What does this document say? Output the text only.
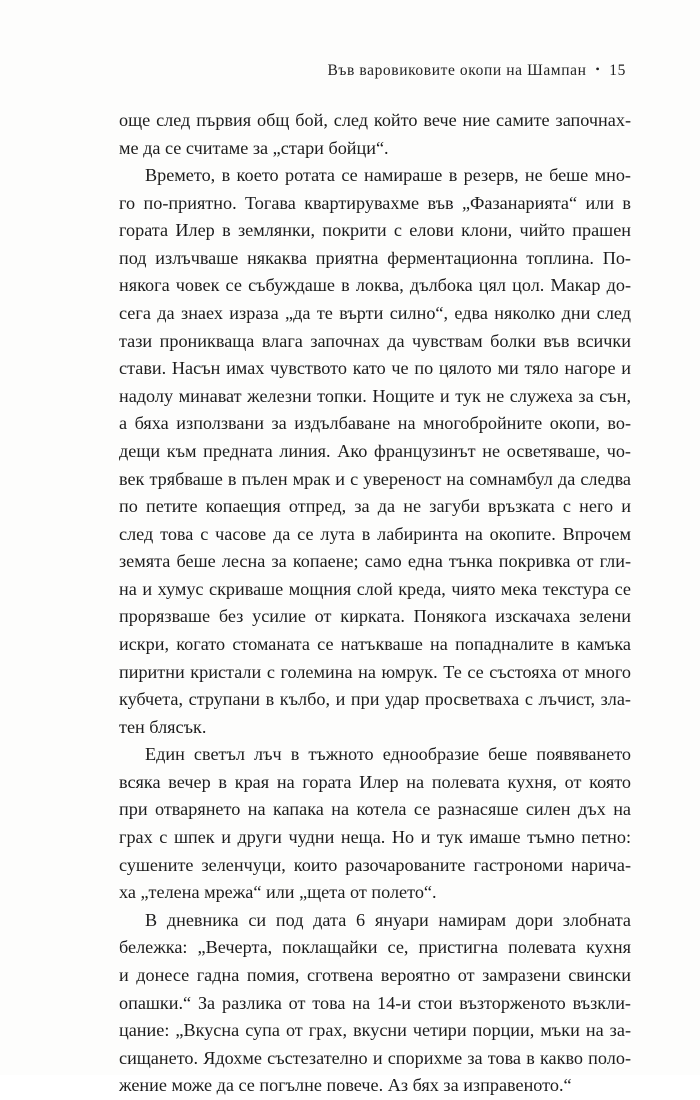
Във варовиковите окопи на Шампан • 15
още след първия общ бой, след който вече ние самите започнах-
ме да се считаме за „стари бойци“.
Времето, в което ротата се намираше в резерв, не беше мно-
го по-приятно. Тогава квартирувахме във „Фазанарията“ или в
гората Илер в землянки, покрити с елови клони, чийто прашен
под излъчваше някаква приятна ферментационна топлина. По-
някога човек се събуждаше в локва, дълбока цял цол. Макар до-
сега да знаех израза „да те върти силно“, едва няколко дни след
тази проникваща влага започнах да чувствам болки във всички
стави. Насън имах чувството като че по цялото ми тяло нагоре и
надолу минават железни топки. Нощите и тук не служеха за сън,
а бяха използвани за издълбаване на многобройните окопи, во-
дещи към предната линия. Ако французинът не осветяваше, чо-
век трябваше в пълен мрак и с увереност на сомнамбул да следва
по петите копаещия отпред, за да не загуби връзката с него и
след това с часове да се лута в лабиринта на окопите. Впрочем
земята беше лесна за копаене; само една тънка покривка от гли-
на и хумус скриваше мощния слой креда, чиято мека текстура се
прорязваше без усилие от кирката. Понякога изскачаха зелени
искри, когато стоманата се натъкваше на попадналите в камъка
пиритни кристали с големина на юмрук. Те се състояха от много
кубчета, струпани в кълбо, и при удар просветваха с лъчист, зла-
тен блясък.
Един светъл лъч в тъжното еднообразие беше появяването
всяка вечер в края на гората Илер на полевата кухня, от която
при отварянето на капака на котела се разнасяше силен дъх на
грах с шпек и други чудни неща. Но и тук имаше тъмно петно:
сушените зеленчуци, които разочарованите гастрономи нарича-
ха „телена мрежа“ или „щета от полето“.
В дневника си под дата 6 януари намирам дори злобната
бележка: „Вечерта, поклащайки се, пристигна полевата кухня
и донесе гадна помия, сготвена вероятно от замразени свински
опашки.“ За разлика от това на 14-и стои възторженото възкли-
цание: „Вкусна супа от грах, вкусни четири порции, мъки на за-
сищането. Ядохме състезателно и спорихме за това в какво поло-
жение може да се погълне повече. Аз бях за изправеното.“
